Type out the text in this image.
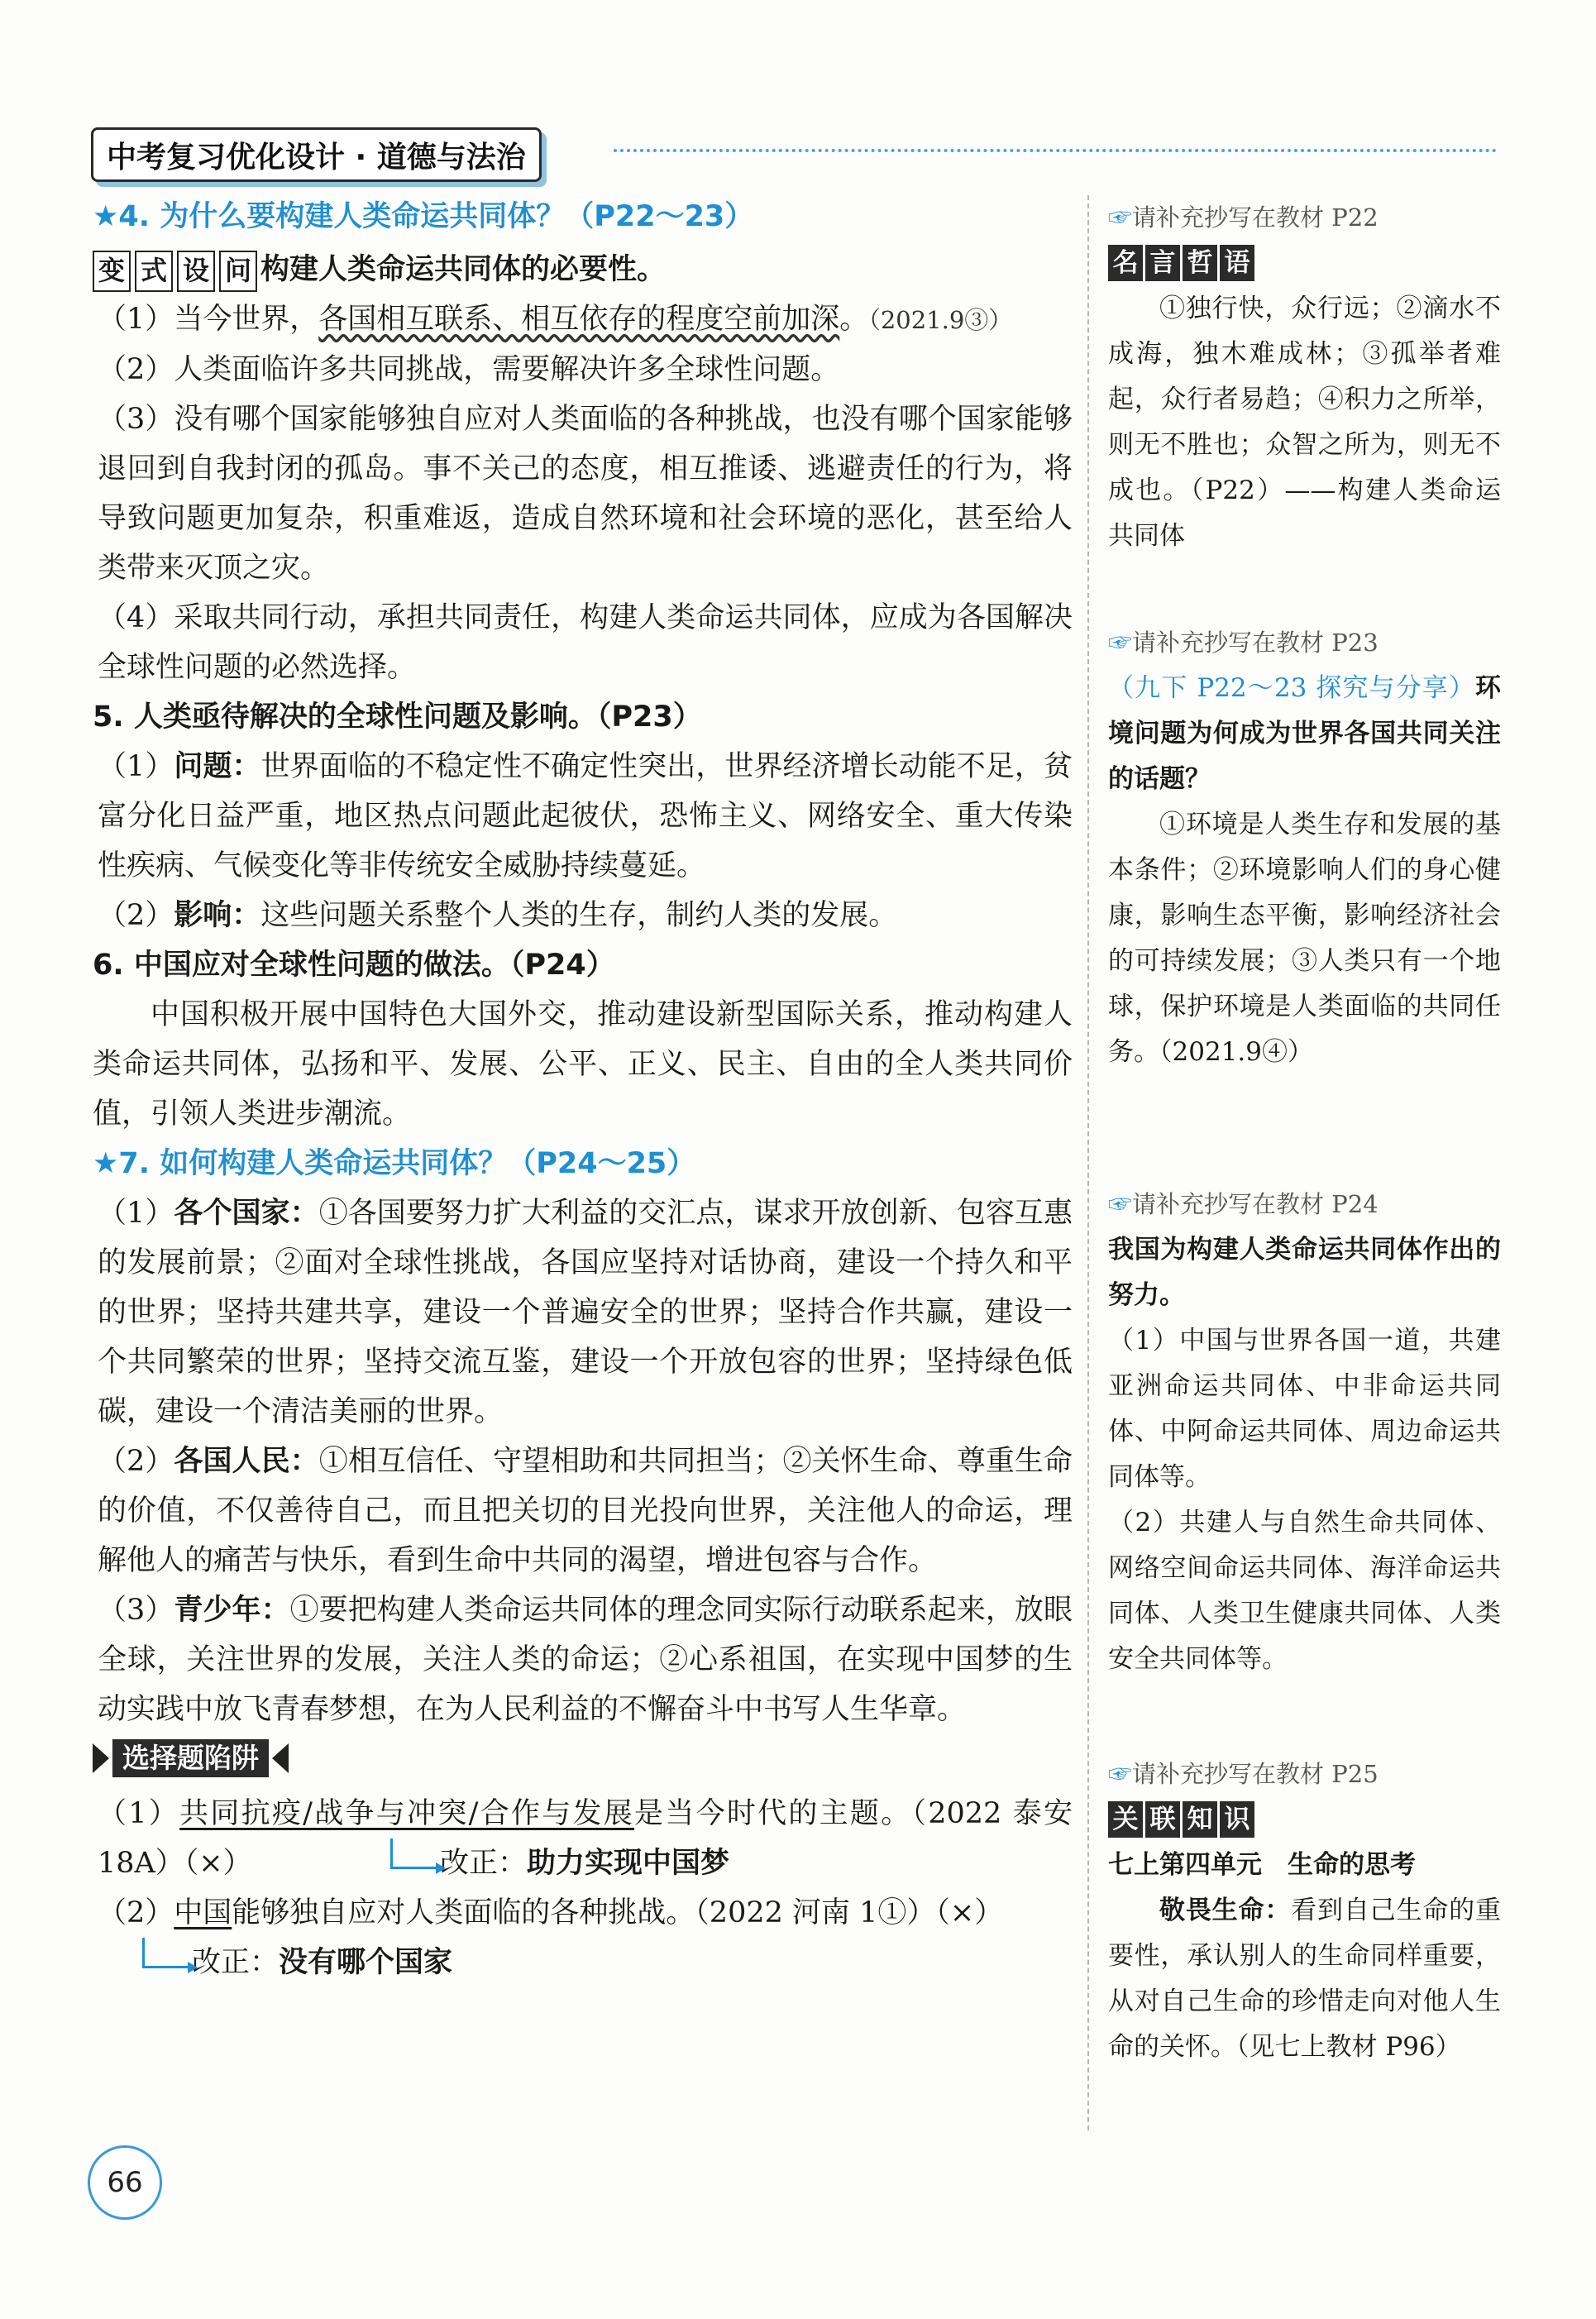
中考复习优化设计 · 道德与法治
★4. 为什么要构建人类命运共同体？（P22～23）
变 式 设 问 构建人类命运共同体的必要性。
（1）当今世界，各国相互联系、相互依存的程度空前加深。（2021.9③）
（2）人类面临许多共同挑战，需要解决许多全球性问题。
（3）没有哪个国家能够独自应对人类面临的各种挑战，也没有哪个国家能够退回到自我封闭的孤岛。事不关己的态度，相互推诿、逃避责任的行为，将导致问题更加复杂，积重难返，造成自然环境和社会环境的恶化，甚至给人类带来灭顶之灾。
（4）采取共同行动，承担共同责任，构建人类命运共同体，应成为各国解决全球性问题的必然选择。
5. 人类亟待解决的全球性问题及影响。（P23）
（1）问题：世界面临的不稳定性不确定性突出，世界经济增长动能不足，贫富分化日益严重，地区热点问题此起彼伏，恐怖主义、网络安全、重大传染性疾病、气候变化等非传统安全威胁持续蔓延。
（2）影响：这些问题关系整个人类的生存，制约人类的发展。
6. 中国应对全球性问题的做法。（P24）
中国积极开展中国特色大国外交，推动建设新型国际关系，推动构建人类命运共同体，弘扬和平、发展、公平、正义、民主、自由的全人类共同价值，引领人类进步潮流。
★7. 如何构建人类命运共同体？（P24～25）
（1）各个国家：①各国要努力扩大利益的交汇点，谋求开放创新、包容互惠的发展前景；②面对全球性挑战，各国应坚持对话协商，建设一个持久和平的世界；坚持共建共享，建设一个普遍安全的世界；坚持合作共赢，建设一个共同繁荣的世界；坚持交流互鉴，建设一个开放包容的世界；坚持绿色低碳，建设一个清洁美丽的世界。
（2）各国人民：①相互信任、守望相助和共同担当；②关怀生命、尊重生命的价值，不仅善待自己，而且把关切的目光投向世界，关注他人的命运，理解他人的痛苦与快乐，看到生命中共同的渴望，增进包容与合作。
（3）青少年：①要把构建人类命运共同体的理念同实际行动联系起来，放眼全球，关注世界的发展，关注人类的命运；②心系祖国，在实现中国梦的生动实践中放飞青春梦想，在为人民利益的不懈奋斗中书写人生华章。
选择题陷阱
（1）共同抗疫/战争与冲突/合作与发展是当今时代的主题。（2022 泰安 18A）（×）	改正：助力实现中国梦
（2）中国能够独自应对人类面临的各种挑战。（2022 河南 1①）（×）
改正：没有哪个国家
☞请补充抄写在教材 P22
名 言 哲 语
①独行快，众行远；②滴水不成海，独木难成林；③孤举者难起，众行者易趋；④积力之所举，则无不胜也；众智之所为，则无不成也。（P22）——构建人类命运共同体
☞请补充抄写在教材 P23
（九下 P22～23 探究与分享）环境问题为何成为世界各国共同关注的话题？
①环境是人类生存和发展的基本条件；②环境影响人们的身心健康，影响生态平衡，影响经济社会的可持续发展；③人类只有一个地球，保护环境是人类面临的共同任务。（2021.9④）
☞请补充抄写在教材 P24
我国为构建人类命运共同体作出的努力。
（1）中国与世界各国一道，共建亚洲命运共同体、中非命运共同体、中阿命运共同体、周边命运共同体等。
（2）共建人与自然生命共同体、网络空间命运共同体、海洋命运共同体、人类卫生健康共同体、人类安全共同体等。
☞请补充抄写在教材 P25
关 联 知 识
七上第四单元　生命的思考
敬畏生命：看到自己生命的重要性，承认别人的生命同样重要，从对自己生命的珍惜走向对他人生命的关怀。（见七上教材 P96）
66
